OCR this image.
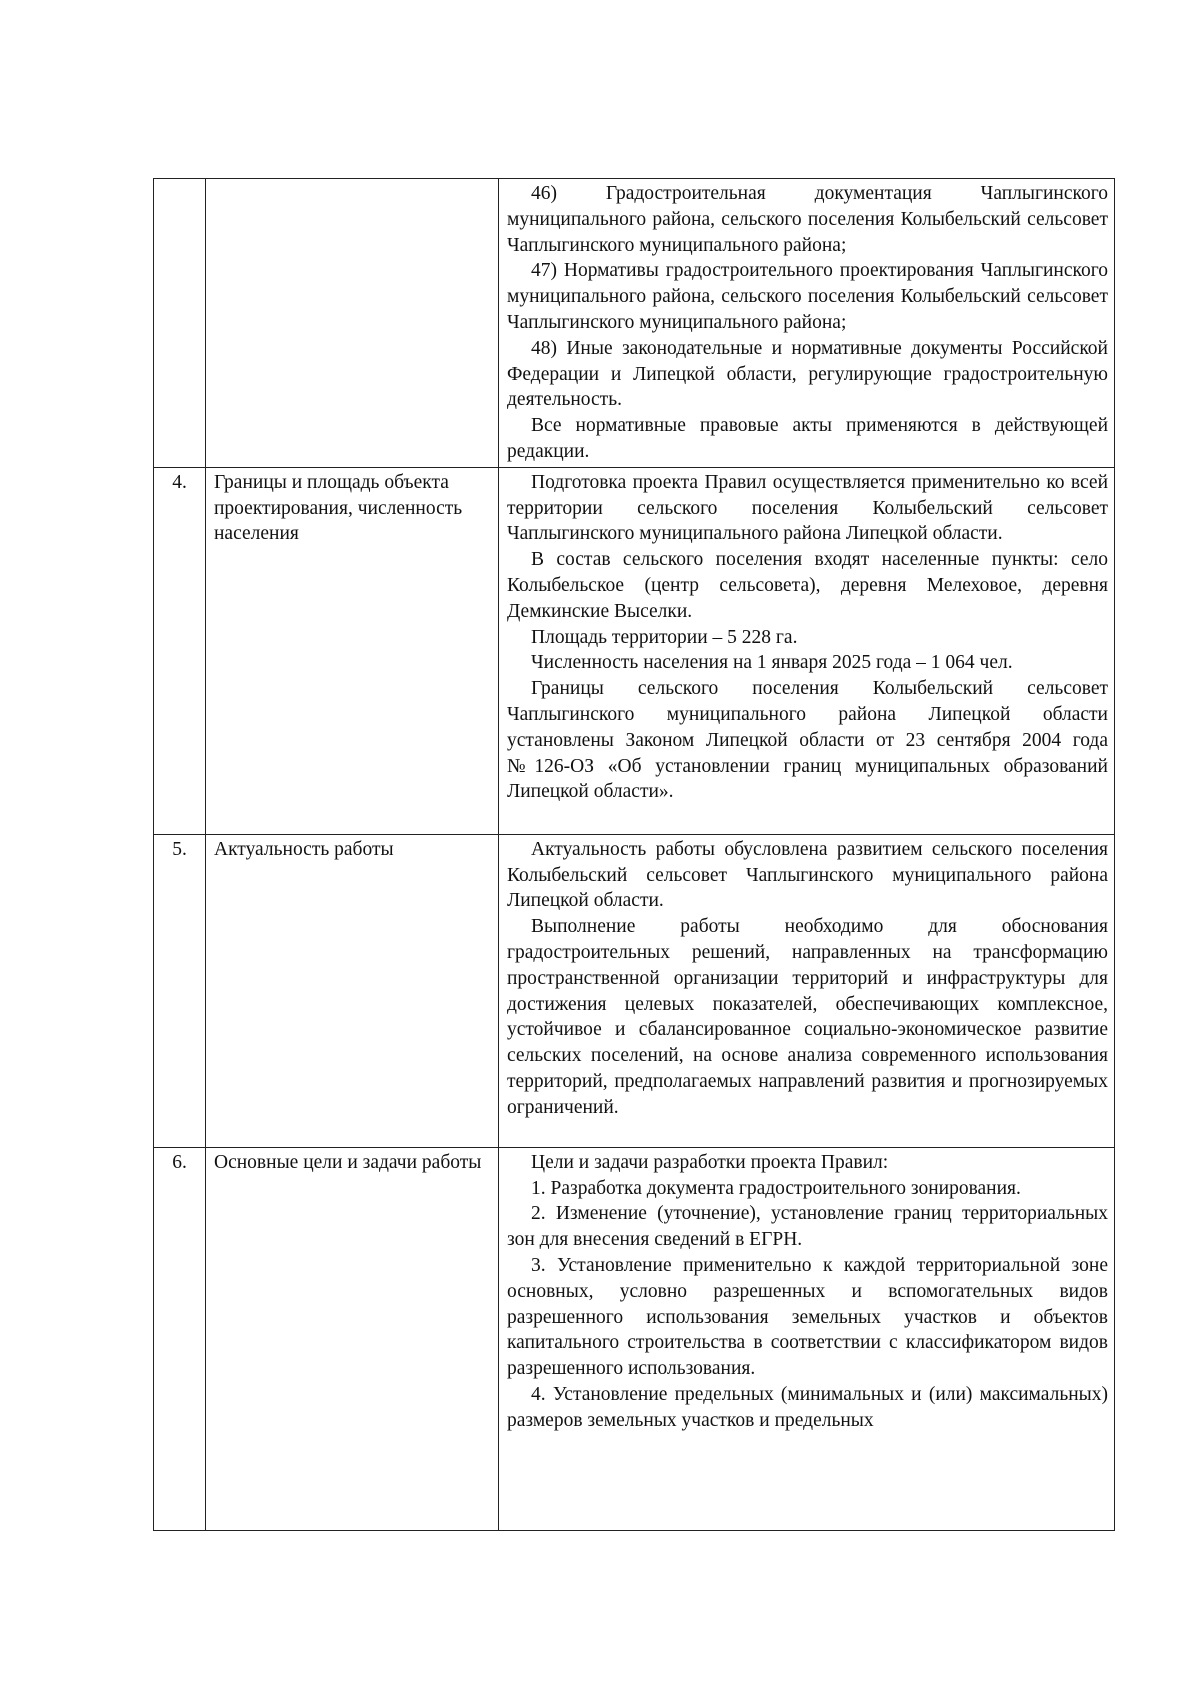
		46) Градостроительная документация Чаплыгинского муниципального района, сельского поселения Колыбельский сельсовет Чаплыгинского муниципального района;

47) Нормативы градостроительного проектирования Чаплыгинского муниципального района, сельского поселения Колыбельский сельсовет Чаплыгинского муниципального района;

48) Иные законодательные и нормативные документы Российской Федерации и Липецкой области, регулирующие градостроительную деятельность.

Все нормативные правовые акты применяются в действующей редакции.

4.	Границы и площадь объекта проектирования, численность населения	Подготовка проекта Правил осуществляется применительно ко всей территории сельского поселения Колыбельский сельсовет Чаплыгинского муниципального района Липецкой области.

В состав сельского поселения входят населенные пункты: село Колыбельское (центр сельсовета), деревня Мелеховое, деревня Демкинские Выселки.

Площадь территории – 5 228 га.

Численность населения на 1 января 2025 года – 1 064 чел.

Границы сельского поселения Колыбельский сельсовет Чаплыгинского муниципального района Липецкой области установлены Законом Липецкой области от 23 сентября 2004 года №126-ОЗ «Об установлении границ муниципальных образований Липецкой области».

5.	Актуальность работы	Актуальность работы обусловлена развитием сельского поселения Колыбельский сельсовет Чаплыгинского муниципального района Липецкой области.

Выполнение работы необходимо для обоснования градостроительных решений, направленных на трансформацию пространственной организации территорий и инфраструктуры для достижения целевых показателей, обеспечивающих комплексное, устойчивое и сбалансированное социально-экономическое развитие сельских поселений, на основе анализа современного использования территорий, предполагаемых направлений развития и прогнозируемых ограничений.

6.	Основные цели и задачи работы	Цели и задачи разработки проекта Правил:

1. Разработка документа градостроительного зонирования.

2. Изменение (уточнение), установление границ территориальных зон для внесения сведений в ЕГРН.

3. Установление применительно к каждой территориальной зоне основных, условно разрешенных и вспомогательных видов разрешенного использования земельных участков и объектов капитального строительства в соответствии с классификатором видов разрешенного использования.

4. Установление предельных (минимальных и (или) максимальных) размеров земельных участков и предельных
